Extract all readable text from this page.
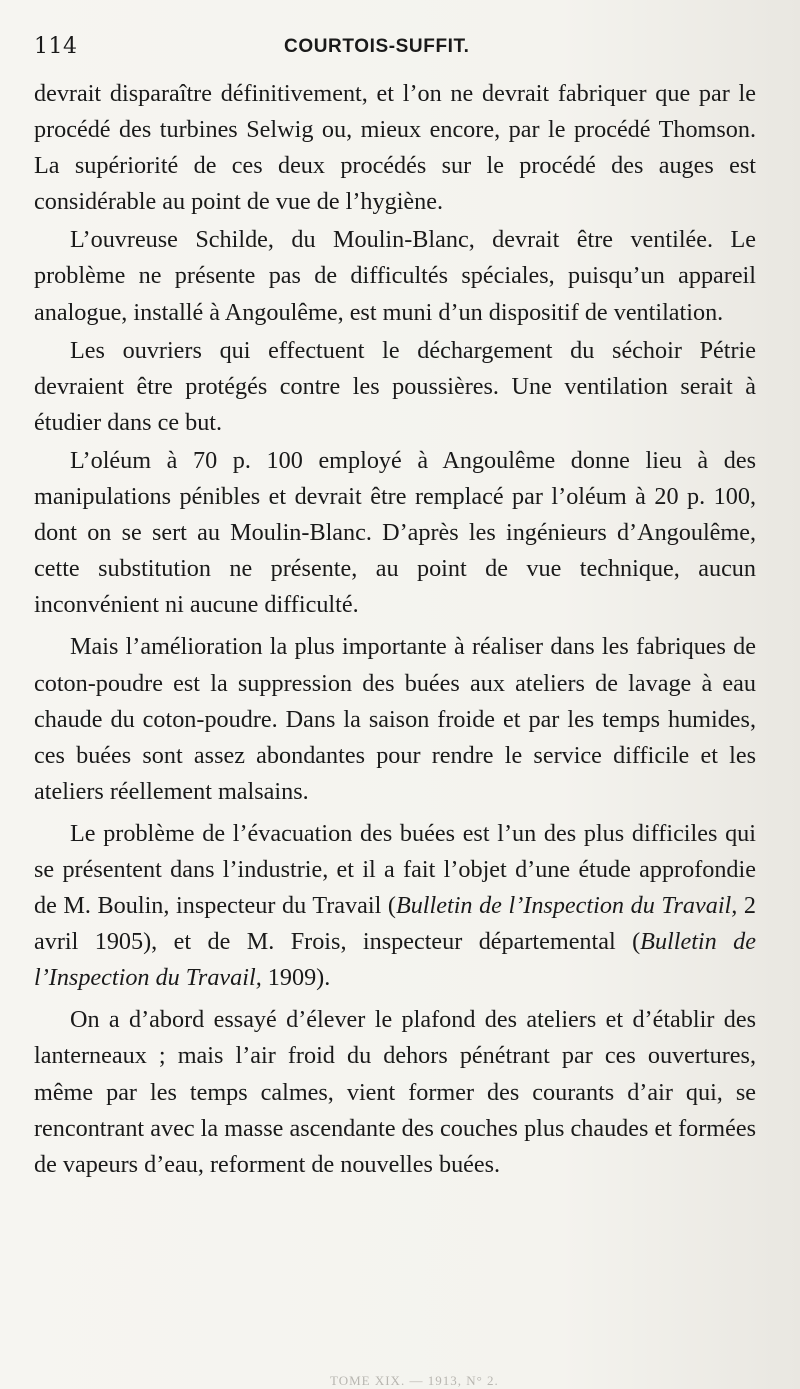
114	COURTOIS-SUFFIT.

devrait disparaître définitivement, et l’on ne devrait fabriquer que par le procédé des turbines Selwig ou, mieux encore, par le procédé Thomson. La supériorité de ces deux procédés sur le procédé des auges est considérable au point de vue de l’hygiène.

L’ouvreuse Schilde, du Moulin-Blanc, devrait être ventilée. Le problème ne présente pas de difficultés spéciales, puisqu’un appareil analogue, installé à Angoulême, est muni d’un dispositif de ventilation.

Les ouvriers qui effectuent le déchargement du séchoir Pétrie devraient être protégés contre les poussières. Une ventilation serait à étudier dans ce but.

L’oléum à 70 p. 100 employé à Angoulême donne lieu à des manipulations pénibles et devrait être remplacé par l’oléum à 20 p. 100, dont on se sert au Moulin-Blanc. D’après les ingénieurs d’Angoulême, cette substitution ne présente, au point de vue technique, aucun inconvénient ni aucune difficulté.

Mais l’amélioration la plus importante à réaliser dans les fabriques de coton-poudre est la suppression des buées aux ateliers de lavage à eau chaude du coton-poudre. Dans la saison froide et par les temps humides, ces buées sont assez abondantes pour rendre le service difficile et les ateliers réellement malsains.

Le problème de l’évacuation des buées est l’un des plus difficiles qui se présentent dans l’industrie, et il a fait l’objet d’une étude approfondie de M. Boulin, inspecteur du Travail (Bulletin de l’Inspection du Travail, 2 avril 1905), et de M. Frois, inspecteur départemental (Bulletin de l’Inspection du Travail, 1909).

On a d’abord essayé d’élever le plafond des ateliers et d’établir des lanterneaux ; mais l’air froid du dehors pénétrant par ces ouvertures, même par les temps calmes, vient former des courants d’air qui, se rencontrant avec la masse ascendante des couches plus chaudes et formées de vapeurs d’eau, reforment de nouvelles buées.

TOME XIX. — 1913, N° 2.
